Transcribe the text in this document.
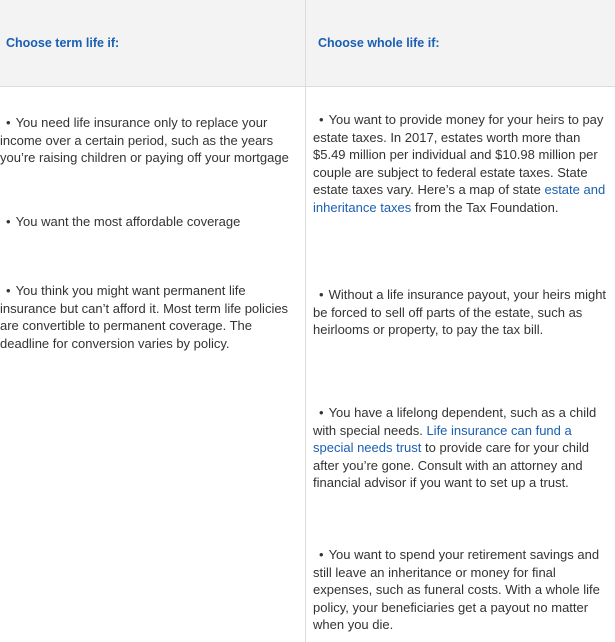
Choose term life if:	Choose whole life if:
• You need life insurance only to replace your income over a certain period, such as the years you’re raising children or paying off your mortgage
• You want the most affordable coverage
• You think you might want permanent life insurance but can’t afford it. Most term life policies are convertible to permanent coverage. The deadline for conversion varies by policy.
• You want to provide money for your heirs to pay estate taxes. In 2017, estates worth more than $5.49 million per individual and $10.98 million per couple are subject to federal estate taxes. State estate taxes vary. Here’s a map of state estate and inheritance taxes from the Tax Foundation.
• Without a life insurance payout, your heirs might be forced to sell off parts of the estate, such as heirlooms or property, to pay the tax bill.
• You have a lifelong dependent, such as a child with special needs. Life insurance can fund a special needs trust to provide care for your child after you’re gone. Consult with an attorney and financial advisor if you want to set up a trust.
• You want to spend your retirement savings and still leave an inheritance or money for final expenses, such as funeral costs. With a whole life policy, your beneficiaries get a payout no matter when you die.
